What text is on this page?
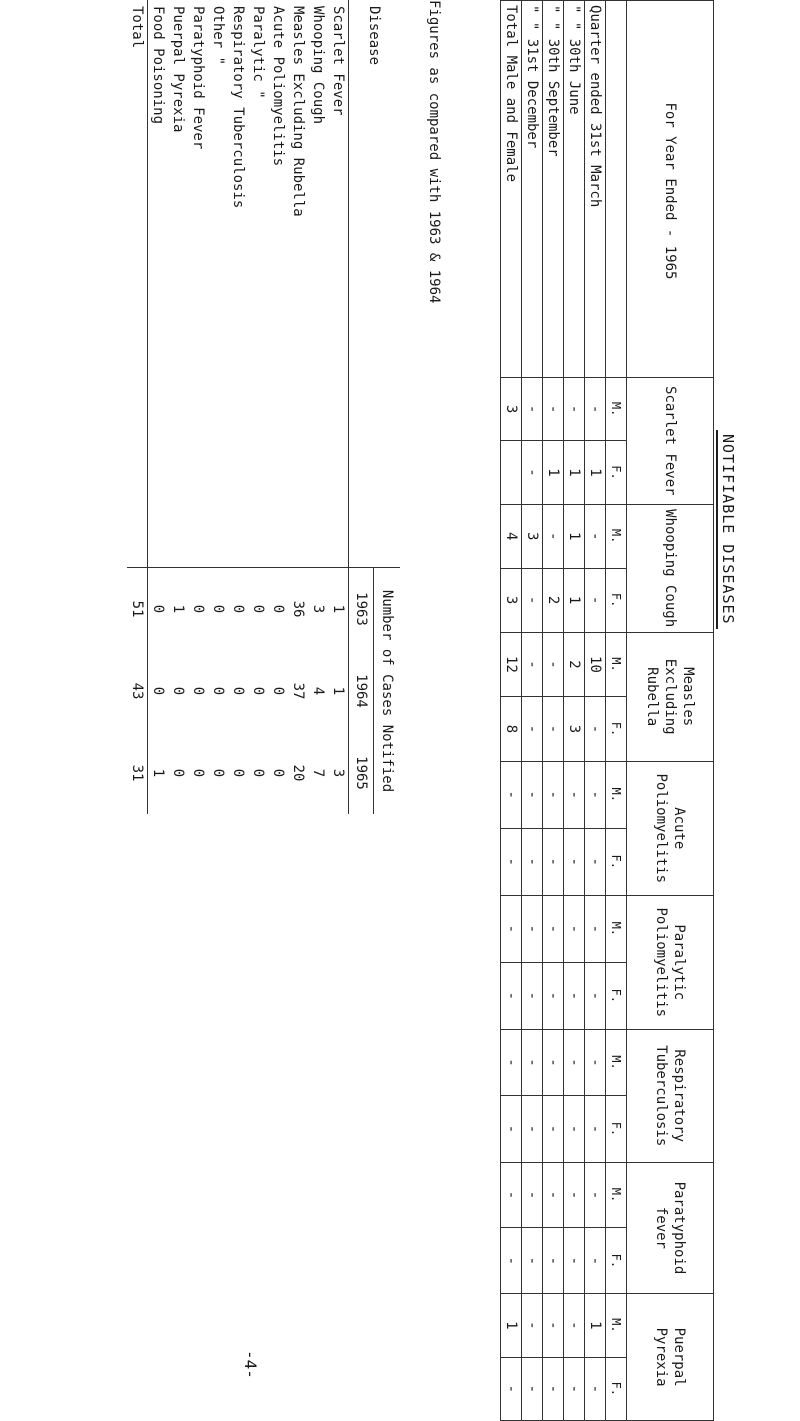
NOTIFIABLE DISEASES
For Year Ended - 1965	Scarlet Fever		Whooping Cough		Measles Excluding Rubella		Acute Poliomyelitis		Paralytic Poliomyelitis		Respiratory Tuberculosis		Paratyphoid fever		Puerpal Pyrexia	
	M.	F.	M.	F.	M.	F.	M.	F.	M.	F.	M.	F.	M.	F.	M.	F.
Quarter ended 31st March	-	1	-	-	10	-	-	-	-	-	-	-	-	-	1	-
" " 30th June	-	1	1	1	2	3	-	-	-	-	-	-	-	-	-	-
" " 30th September	-	1	-	2	-	-	-	-	-	-	-	-	-	-	-	-
" " 31st December	-	-	3	-	-	-	-	-	-	-	-	-	-	-	-	-
Total Male and Female	3		4	3	12	8	-	-	-	-	-	-	-	-	1	-
Figures as compared with 1963 & 1964
Disease	Number of Cases Notified		
	1963	1964	1965
Scarlet Fever	1	1	3
Whooping Cough	3	4	7
Measles Excluding Rubella	36	37	20
Acute Poliomyelitis	0	0	0
Paralytic "	0	0	0
Respiratory Tuberculosis	0	0	0
Other "	0	0	0
Paratyphoid Fever	0	0	0
Puerpal Pyrexia	1	0	0
Food Poisoning	0	0	1
Total	51	43	31
-4-
